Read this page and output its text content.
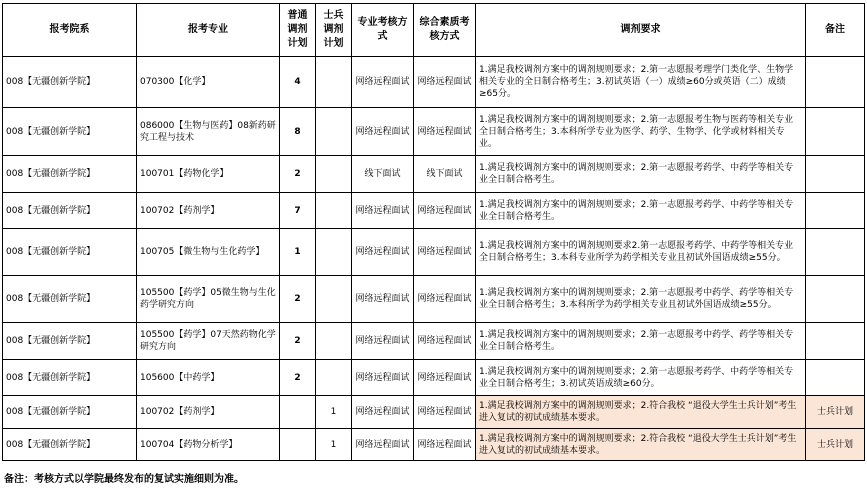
报考院系	报考专业	普通调剂计划	士兵调剂计划	专业考核方式	综合素质考核方式	调剂要求	备注
008【无疆创新学院】	070300【化学】	4		网络远程面试	网络远程面试	1.满足我校调剂方案中的调剂规则要求；2.第一志愿报考理学门类化学、生物学相关专业的全日制合格考生；3.初试英语（一）成绩≥60分或英语（二）成绩≥65分。	
008【无疆创新学院】	086000【生物与医药】08新药研究工程与技术	8		网络远程面试	网络远程面试	1.满足我校调剂方案中的调剂规则要求；2.第一志愿报考生物与医药等相关专业全日制合格考生；3.本科所学专业为医学、药学、生物学、化学或材料相关专业。	
008【无疆创新学院】	100701【药物化学】	2		线下面试	线下面试	1.满足我校调剂方案中的调剂规则要求；2.第一志愿报考药学、中药学等相关专业全日制合格考生。	
008【无疆创新学院】	100702【药剂学】	7		网络远程面试	网络远程面试	1.满足我校调剂方案中的调剂规则要求；2.第一志愿报考药学、中药学等相关专业全日制合格考生。	
008【无疆创新学院】	100705【微生物与生化药学】	1		网络远程面试	网络远程面试	1.满足我校调剂方案中的调剂规则要求2.第一志愿报考药学、中药学等相关专业全日制合格考生；3.本科专业所学为药学相关专业且初试外国语成绩≥55分。	
008【无疆创新学院】	105500【药学】05微生物与生化药学研究方向	2		网络远程面试	网络远程面试	1.满足我校调剂方案中的调剂规则要求；2.第一志愿报考中药学、药学等相关专业全日制合格考生；3.本科所学为药学相关专业且初试外国语成绩≥55分。	
008【无疆创新学院】	105500【药学】07天然药物化学研究方向	2		网络远程面试	网络远程面试	1.满足我校调剂方案中的调剂规则要求；2.第一志愿报考中药学、药学等相关专业全日制合格考生。	
008【无疆创新学院】	105600【中药学】	2		网络远程面试	网络远程面试	1.满足我校调剂方案中的调剂规则要求；2.第一志愿报考药学、中药学等相关专业全日制合格考生；3.初试英语成绩≥60分。	
008【无疆创新学院】	100702【药剂学】		1	网络远程面试	网络远程面试	1.满足我校调剂方案中的调剂规则要求；2.符合我校 “退役大学生士兵计划”考生进入复试的初试成绩基本要求。	士兵计划
008【无疆创新学院】	100704【药物分析学】		1	网络远程面试	网络远程面试	1.满足我校调剂方案中的调剂规则要求；2.符合我校 “退役大学生士兵计划”考生进入复试的初试成绩基本要求。	士兵计划
备注：考核方式以学院最终发布的复试实施细则为准。
